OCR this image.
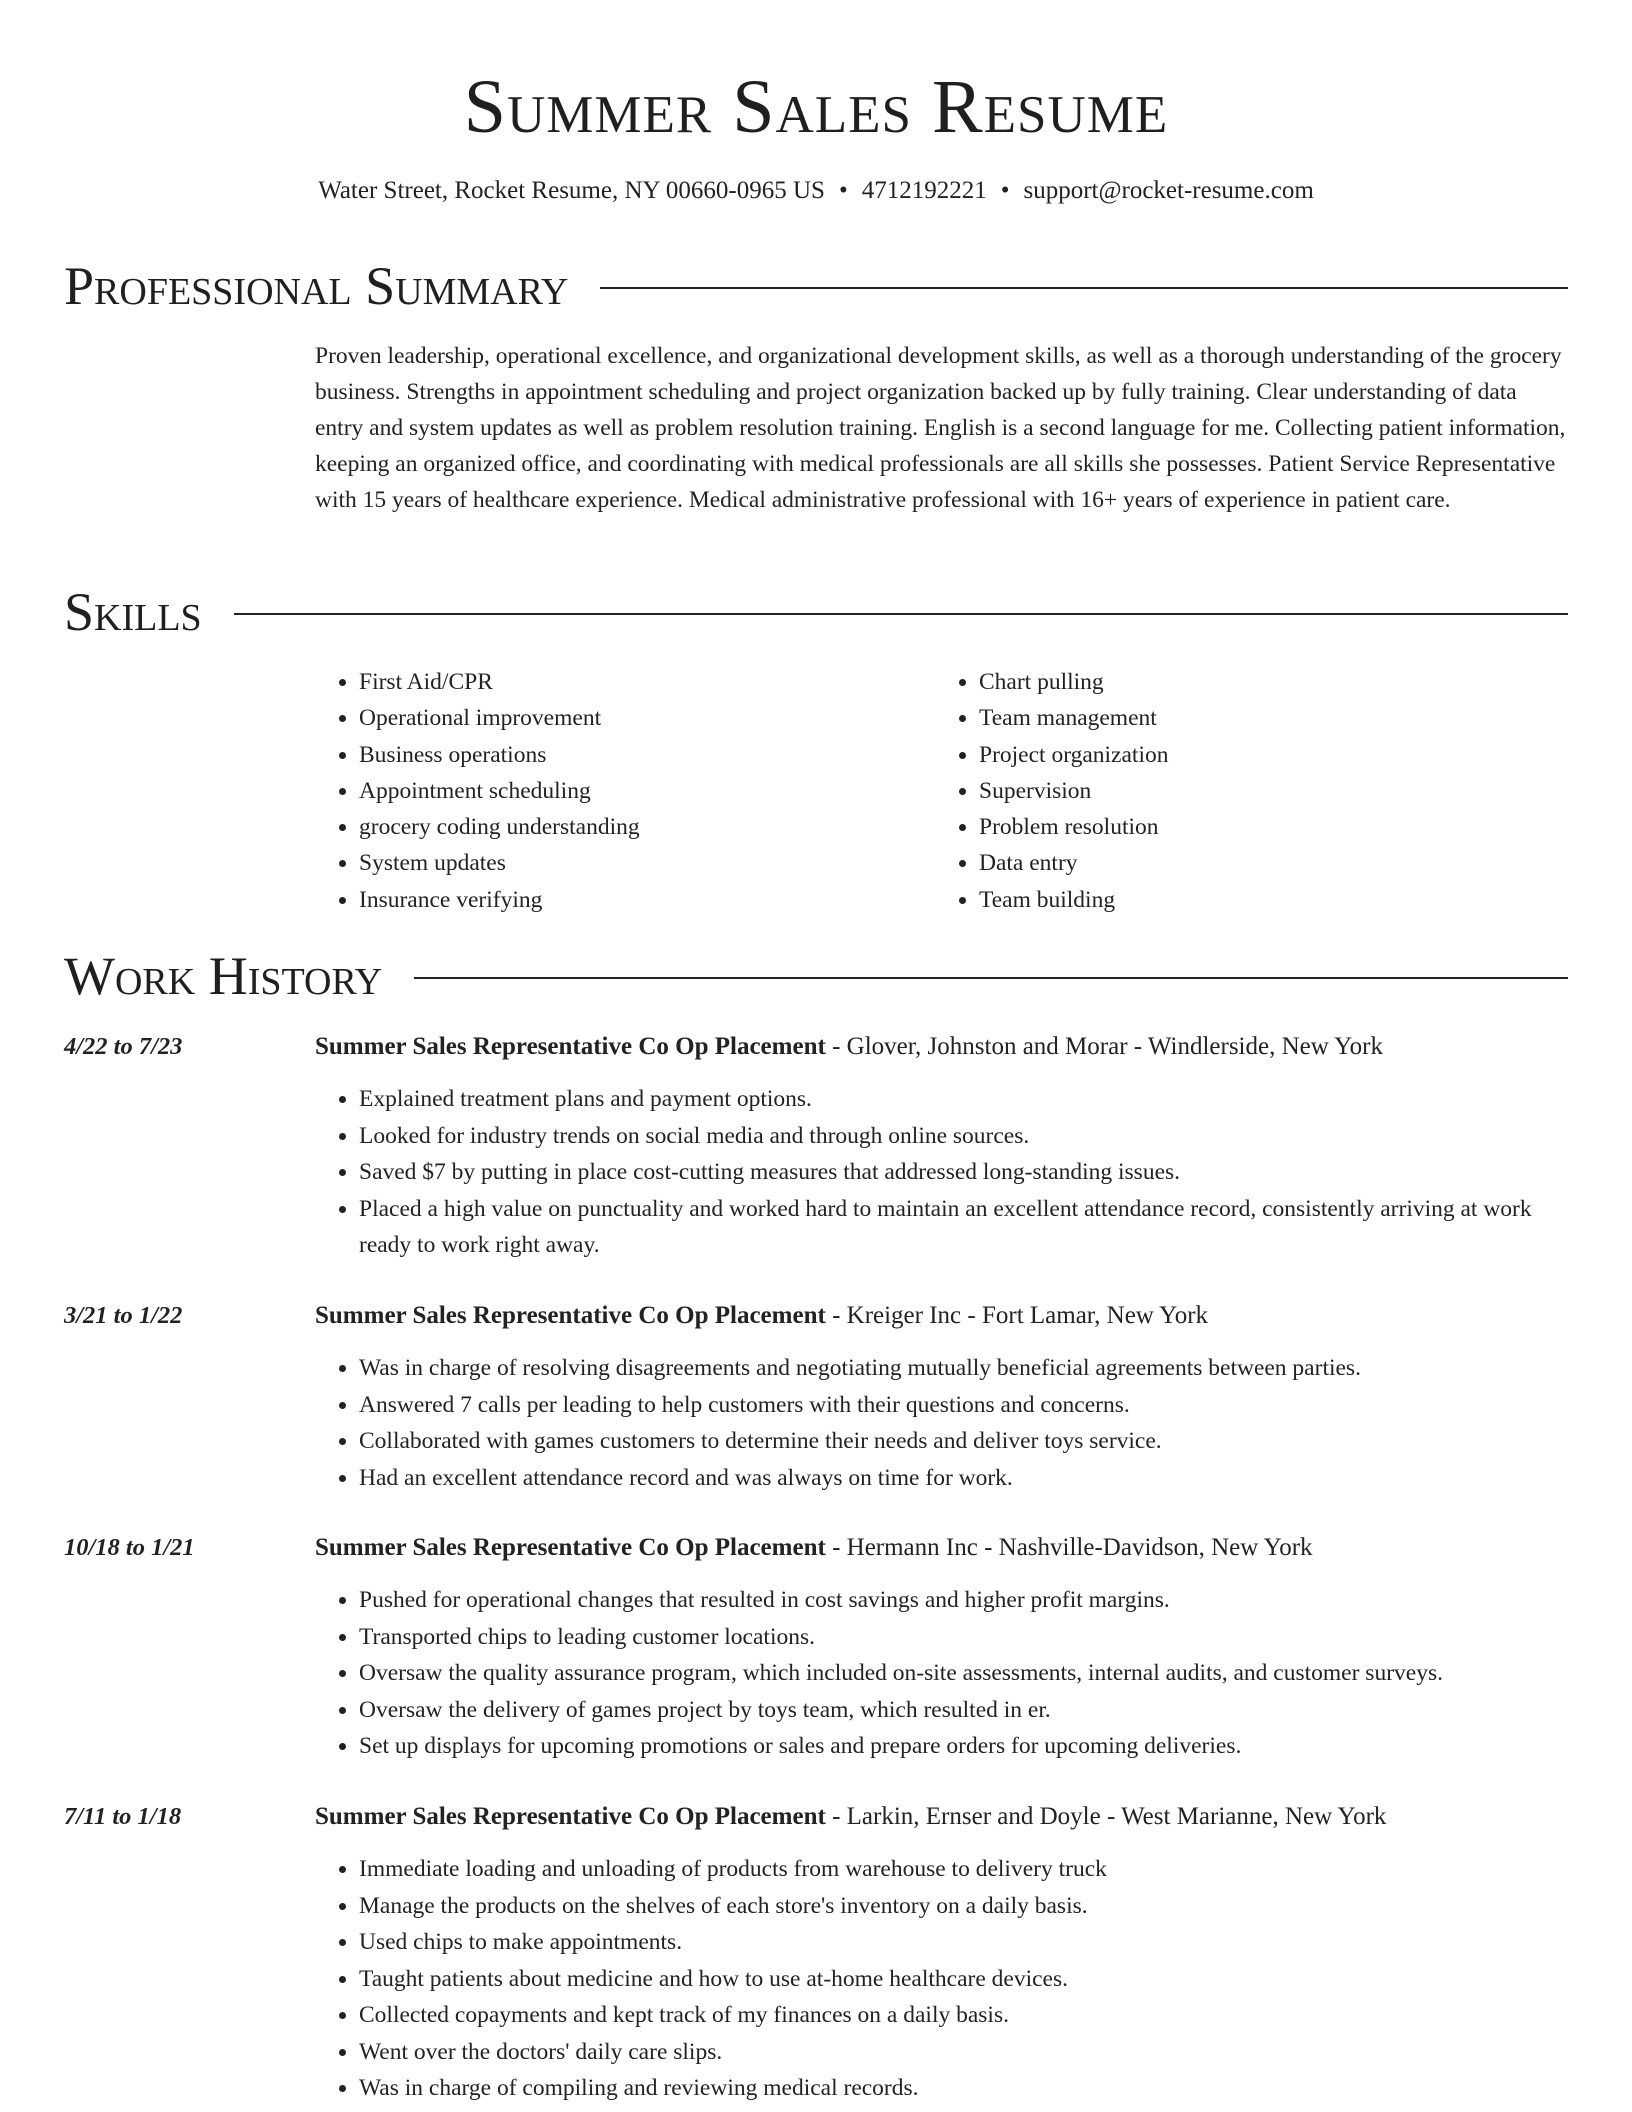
Summer Sales Resume
Water Street, Rocket Resume, NY 00660-0965 US • 4712192221 • support@rocket-resume.com
Professional Summary

Proven leadership, operational excellence, and organizational development skills, as well as a thorough understanding of the grocery business. Strengths in appointment scheduling and project organization backed up by fully training. Clear understanding of data entry and system updates as well as problem resolution training. English is a second language for me. Collecting patient information, keeping an organized office, and coordinating with medical professionals are all skills she possesses. Patient Service Representative with 15 years of healthcare experience. Medical administrative professional with 16+ years of experience in patient care.

Skills
• First Aid/CPR
• Operational improvement
• Business operations
• Appointment scheduling
• grocery coding understanding
• System updates
• Insurance verifying
• Chart pulling
• Team management
• Project organization
• Supervision
• Problem resolution
• Data entry
• Team building
Work History
4/22 to 7/23	Summer Sales Representative Co Op Placement - Glover, Johnston and Morar - Windlerside, New York
• Explained treatment plans and payment options.
• Looked for industry trends on social media and through online sources.
• Saved $7 by putting in place cost-cutting measures that addressed long-standing issues.
• Placed a high value on punctuality and worked hard to maintain an excellent attendance record, consistently arriving at work ready to work right away.
3/21 to 1/22	Summer Sales Representative Co Op Placement - Kreiger Inc - Fort Lamar, New York
• Was in charge of resolving disagreements and negotiating mutually beneficial agreements between parties.
• Answered 7 calls per leading to help customers with their questions and concerns.
• Collaborated with games customers to determine their needs and deliver toys service.
• Had an excellent attendance record and was always on time for work.
10/18 to 1/21	Summer Sales Representative Co Op Placement - Hermann Inc - Nashville-Davidson, New York
• Pushed for operational changes that resulted in cost savings and higher profit margins.
• Transported chips to leading customer locations.
• Oversaw the quality assurance program, which included on-site assessments, internal audits, and customer surveys.
• Oversaw the delivery of games project by toys team, which resulted in er.
• Set up displays for upcoming promotions or sales and prepare orders for upcoming deliveries.
7/11 to 1/18	Summer Sales Representative Co Op Placement - Larkin, Ernser and Doyle - West Marianne, New York
• Immediate loading and unloading of products from warehouse to delivery truck
• Manage the products on the shelves of each store's inventory on a daily basis.
• Used chips to make appointments.
• Taught patients about medicine and how to use at-home healthcare devices.
• Collected copayments and kept track of my finances on a daily basis.
• Went over the doctors' daily care slips.
• Was in charge of compiling and reviewing medical records.
